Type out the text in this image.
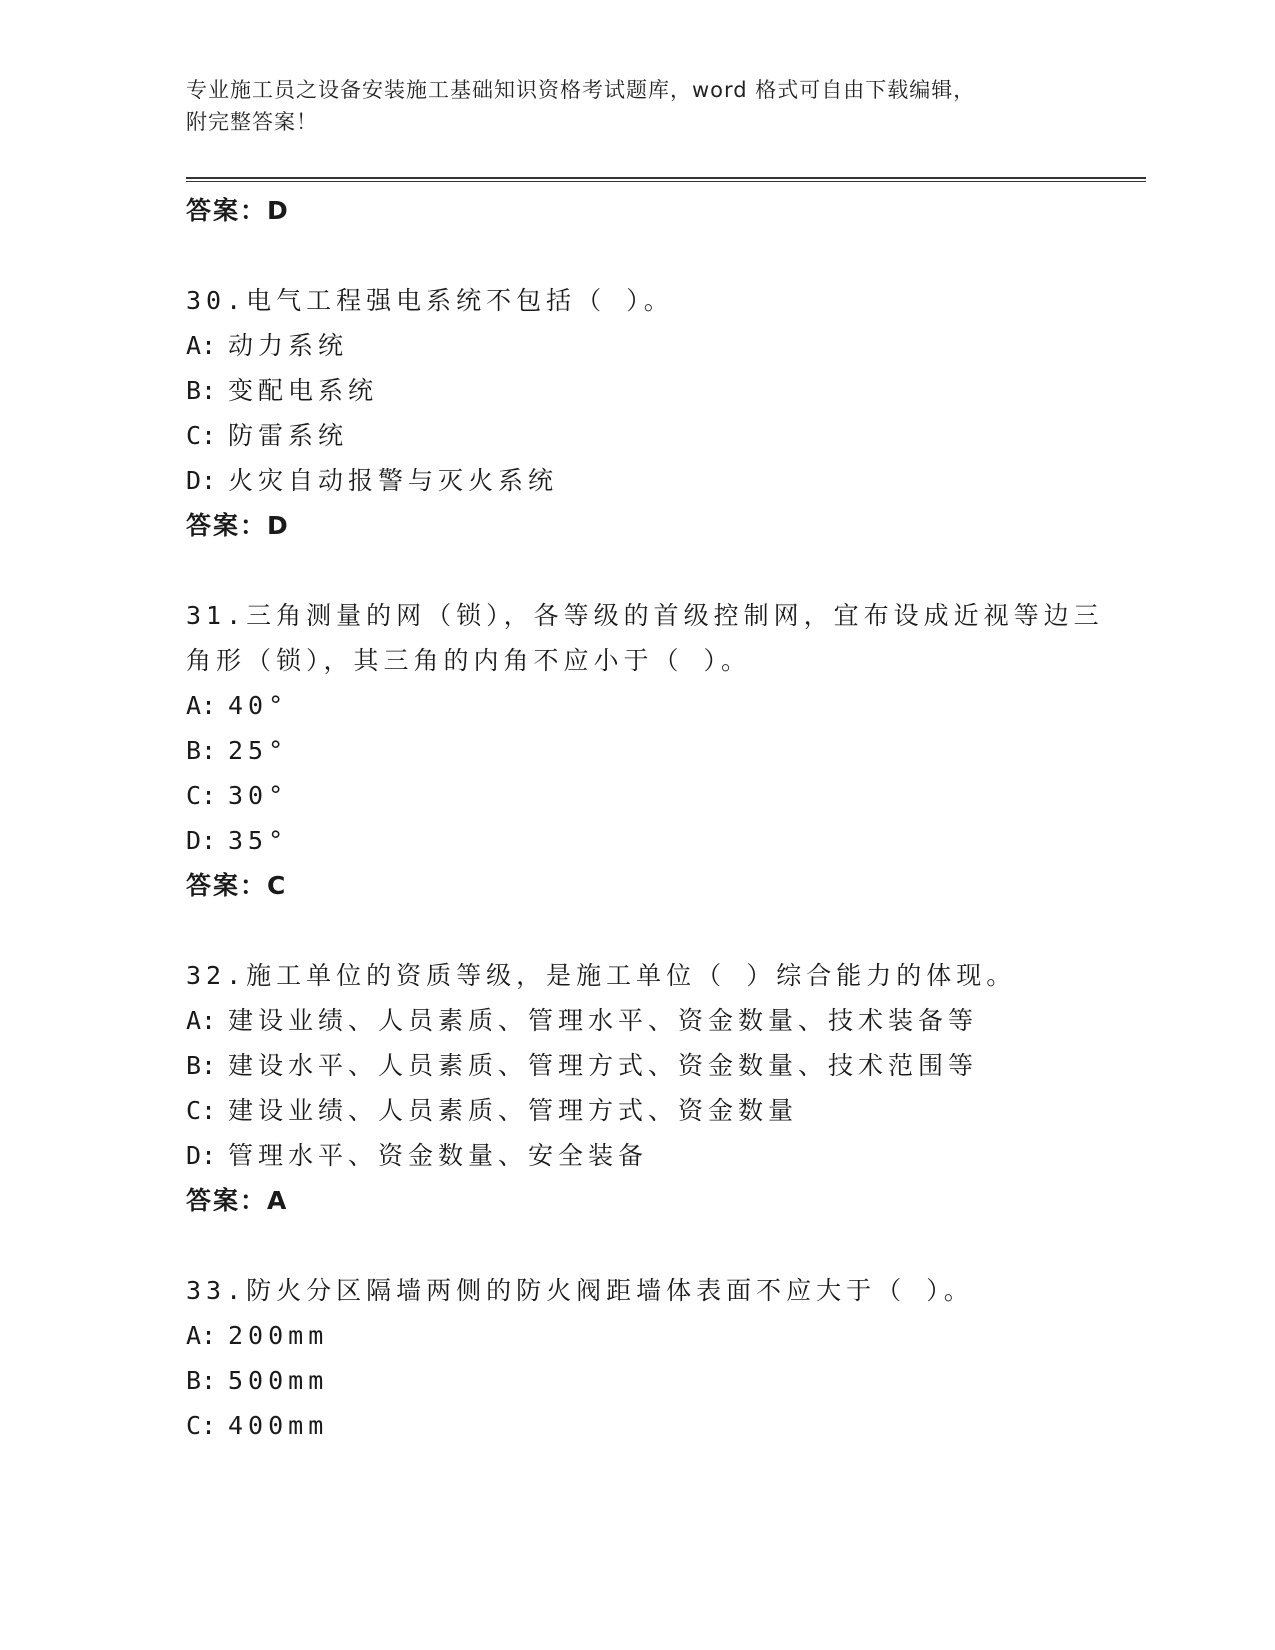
专业施工员之设备安装施工基础知识资格考试题库，word 格式可自由下载编辑，
附完整答案！
答案：D
30.电气工程强电系统不包括（ ）。
A: 动力系统
B: 变配电系统
C: 防雷系统
D: 火灾自动报警与灭火系统
答案：D
31.三角测量的网（锁），各等级的首级控制网，宜布设成近视等边三
角形（锁），其三角的内角不应小于（ ）。
A: 40°
B: 25°
C: 30°
D: 35°
答案：C
32.施工单位的资质等级，是施工单位（ ）综合能力的体现。
A: 建设业绩、人员素质、管理水平、资金数量、技术装备等
B: 建设水平、人员素质、管理方式、资金数量、技术范围等
C: 建设业绩、人员素质、管理方式、资金数量
D: 管理水平、资金数量、安全装备
答案：A
33.防火分区隔墙两侧的防火阀距墙体表面不应大于（ ）。
A: 200mm
B: 500mm
C: 400mm
